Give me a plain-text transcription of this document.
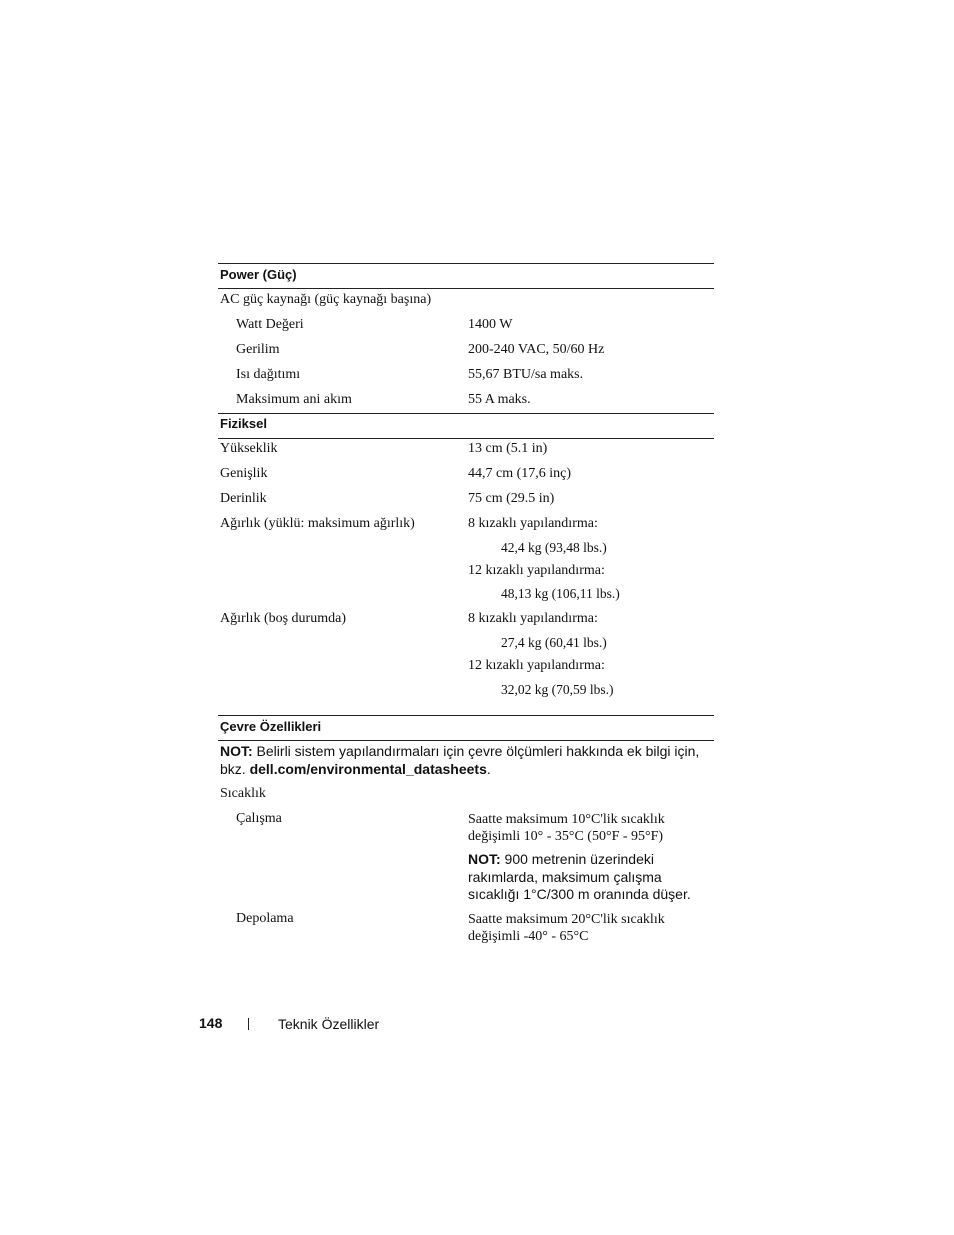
Power (Güç)
AC güç kaynağı (güç kaynağı başına)
Watt Değeri	1400 W
Gerilim	200-240 VAC, 50/60 Hz
Isı dağıtımı	55,67 BTU/sa maks.
Maksimum ani akım	55 A maks.
Fiziksel
Yükseklik	13 cm (5.1 in)
Genişlik	44,7 cm (17,6 inç)
Derinlik	75 cm (29.5 in)
Ağırlık (yüklü: maksimum ağırlık)	8 kızaklı yapılandırma:
42,4 kg (93,48 lbs.)
12 kızaklı yapılandırma:
48,13 kg (106,11 lbs.)
Ağırlık (boş durumda)	8 kızaklı yapılandırma:
27,4 kg (60,41 lbs.)
12 kızaklı yapılandırma:
32,02 kg (70,59 lbs.)
Çevre Özellikleri
NOT: Belirli sistem yapılandırmaları için çevre ölçümleri hakkında ek bilgi için,
bkz. dell.com/environmental_datasheets.
Sıcaklık
Çalışma	Saatte maksimum 10°C'lik sıcaklık
değişimli 10° - 35°C (50°F - 95°F)
NOT: 900 metrenin üzerindeki
rakımlarda, maksimum çalışma
sıcaklığı 1°C/300 m oranında düşer.
Depolama	Saatte maksimum 20°C'lik sıcaklık
değişimli -40° - 65°C
148	Teknik Özellikler
